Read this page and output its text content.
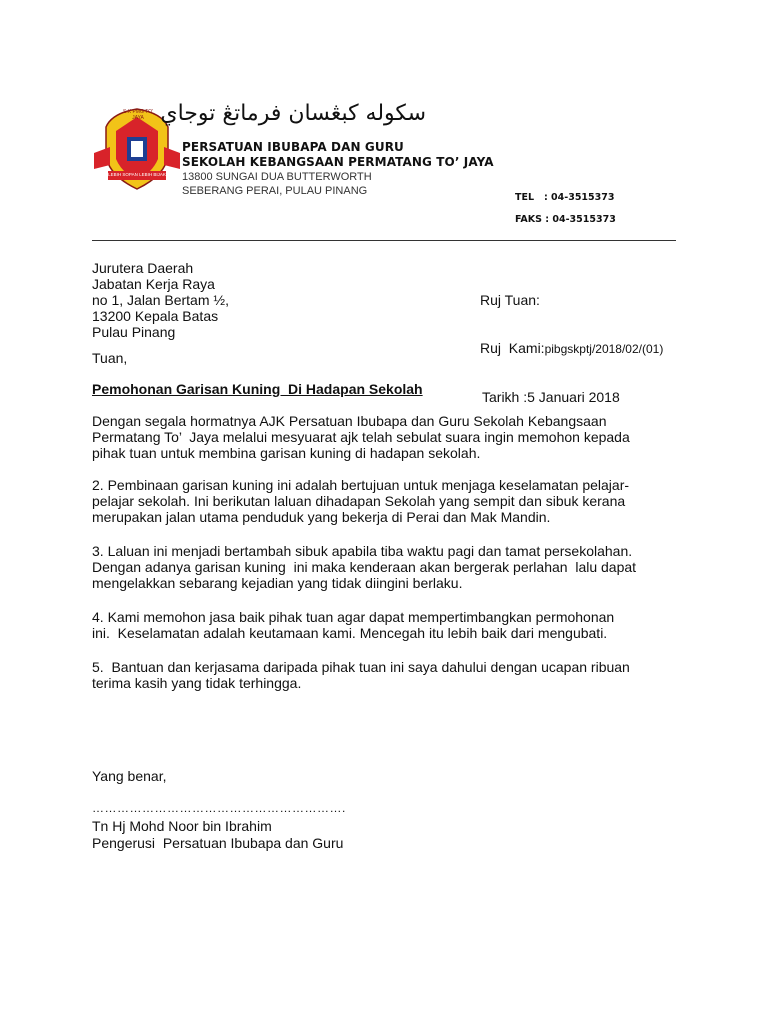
S.K PMG TO' JAYA
LEBIH SOPAN LEBIH BIJAK
سکوله کبڠسان فرماتڠ توجاي
PERSATUAN IBUBAPA DAN GURU
SEKOLAH KEBANGSAAN PERMATANG TO’ JAYA
13800 SUNGAI DUA BUTTERWORTH
SEBERANG PERAI, PULAU PINANG
TEL   : 04-3515373
FAKS : 04-3515373
Jurutera Daerah
Jabatan Kerja Raya
no 1, Jalan Bertam ½,
13200 Kepala Batas
Pulau Pinang

Ruj Tuan:

Ruj  Kami:pibgskptj/2018/02/(01)

Tarikh :5 Januari 2018

Tuan,
Pemohonan Garisan Kuning  Di Hadapan Sekolah

Dengan segala hormatnya AJK Persatuan Ibubapa dan Guru Sekolah Kebangsaan

Permatang To’  Jaya melalui mesyuarat ajk telah sebulat suara ingin memohon kepada

pihak tuan untuk membina garisan kuning di hadapan sekolah.

2. Pembinaan garisan kuning ini adalah bertujuan untuk menjaga keselamatan pelajar-

pelajar sekolah. Ini berikutan laluan dihadapan Sekolah yang sempit dan sibuk kerana

merupakan jalan utama penduduk yang bekerja di Perai dan Mak Mandin.

3. Laluan ini menjadi bertambah sibuk apabila tiba waktu pagi dan tamat persekolahan.

Dengan adanya garisan kuning  ini maka kenderaan akan bergerak perlahan  lalu dapat

mengelakkan sebarang kejadian yang tidak diingini berlaku.

4. Kami memohon jasa baik pihak tuan agar dapat mempertimbangkan permohonan

ini.  Keselamatan adalah keutamaan kami. Mencegah itu lebih baik dari mengubati.

5.  Bantuan dan kerjasama daripada pihak tuan ini saya dahului dengan ucapan ribuan

terima kasih yang tidak terhingga.

Yang benar,
…………………………………………………….
Tn Hj Mohd Noor bin Ibrahim
Pengerusi  Persatuan Ibubapa dan Guru
